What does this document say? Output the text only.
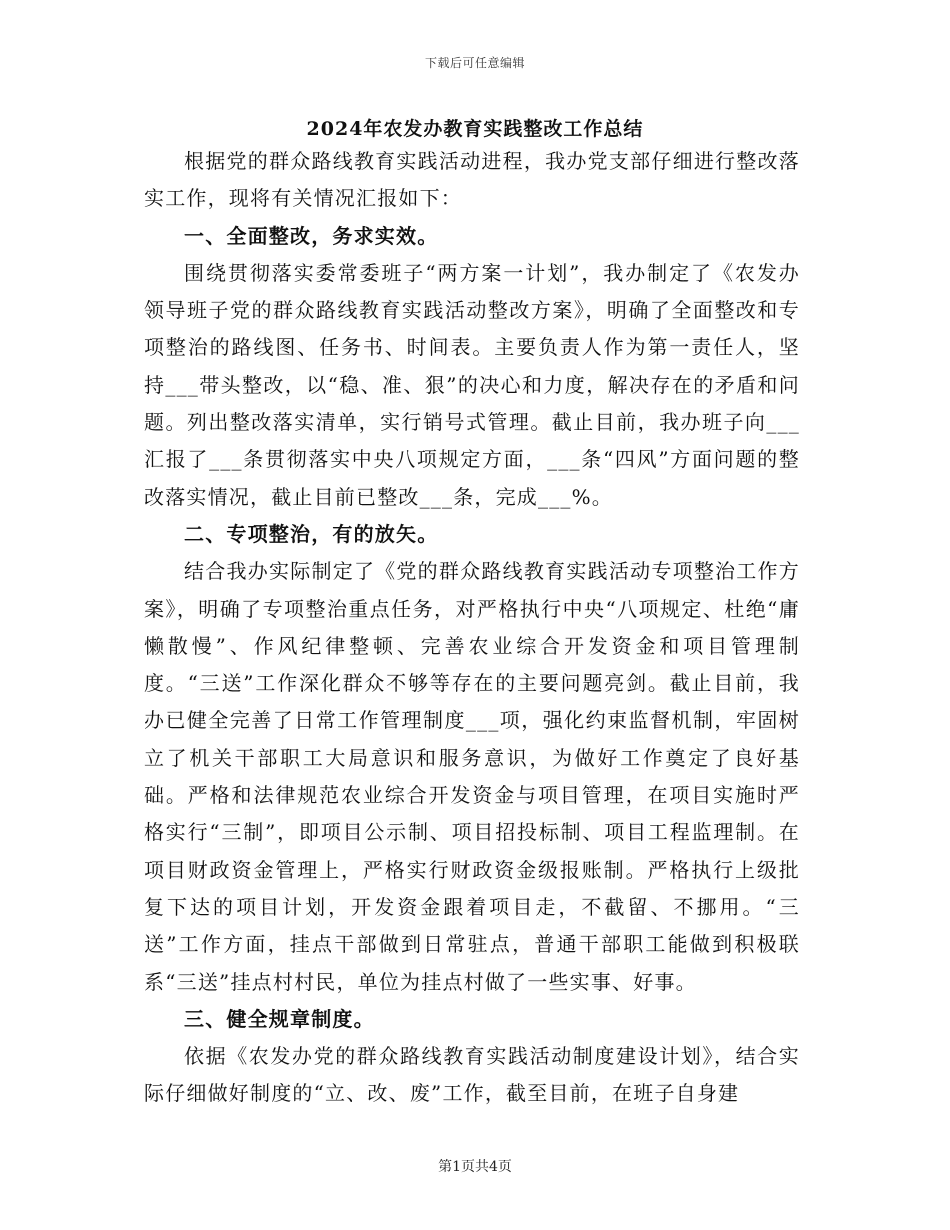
下载后可任意编辑
2024年农发办教育实践整改工作总结

根据党的群众路线教育实践活动进程，我办党支部仔细进行整改落实工作，现将有关情况汇报如下：

一、全面整改，务求实效。

围绕贯彻落实委常委班子“两方案一计划”，我办制定了《农发办领导班子党的群众路线教育实践活动整改方案》，明确了全面整改和专项整治的路线图、任务书、时间表。主要负责人作为第一责任人，坚持___带头整改，以“稳、准、狠”的决心和力度，解决存在的矛盾和问题。列出整改落实清单，实行销号式管理。截止目前，我办班子向___汇报了___条贯彻落实中央八项规定方面，___条“四风”方面问题的整改落实情况，截止目前已整改___条，完成___%。

二、专项整治，有的放矢。

结合我办实际制定了《党的群众路线教育实践活动专项整治工作方案》，明确了专项整治重点任务，对严格执行中央“八项规定、杜绝“庸懒散慢”、作风纪律整顿、完善农业综合开发资金和项目管理制度。“三送”工作深化群众不够等存在的主要问题亮剑。截止目前，我办已健全完善了日常工作管理制度___项，强化约束监督机制，牢固树立了机关干部职工大局意识和服务意识，为做好工作奠定了良好基础。严格和法律规范农业综合开发资金与项目管理，在项目实施时严格实行“三制”，即项目公示制、项目招投标制、项目工程监理制。在项目财政资金管理上，严格实行财政资金级报账制。严格执行上级批复下达的项目计划，开发资金跟着项目走，不截留、不挪用。“三送”工作方面，挂点干部做到日常驻点，普通干部职工能做到积极联系“三送”挂点村村民，单位为挂点村做了一些实事、好事。

三、健全规章制度。

依据《农发办党的群众路线教育实践活动制度建设计划》，结合实际仔细做好制度的“立、改、废”工作，截至目前，在班子自身建

第1页共4页
